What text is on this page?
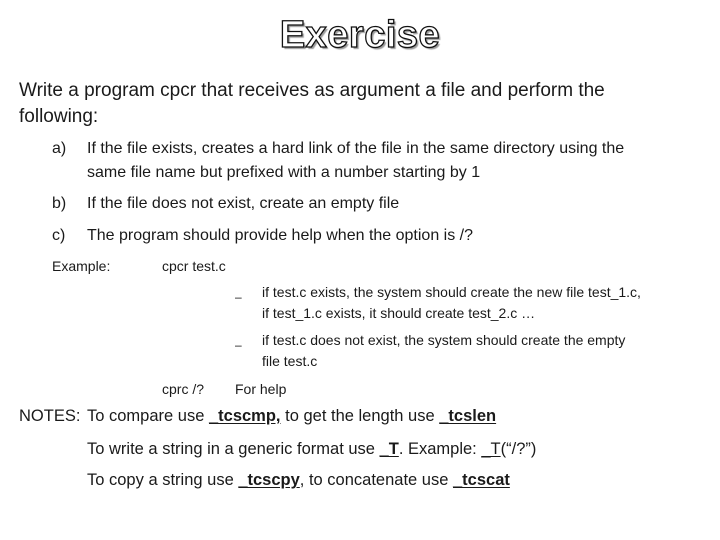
Exercise
Write a program cpcr that receives as argument a file and perform the
following:
a) If the file exists, creates a hard link of the file in the same directory using the
same file name but prefixed with a number starting by 1
b) If the file does not exist, create an empty file
c) The program should provide help when the option is /?
Example:	cpcr test.c
– if test.c exists, the system should create the new file test_1.c,
if test_1.c exists, it should create test_2.c …
– if test.c does not exist, the system should create the empty
file test.c
cprc /? For help
NOTES: To compare use _tcscmp, to get the length use _tcslen
To write a string in a generic format use _T. Example: _T(“/?”)
To copy a string use _tcscpy, to concatenate use _tcscat
